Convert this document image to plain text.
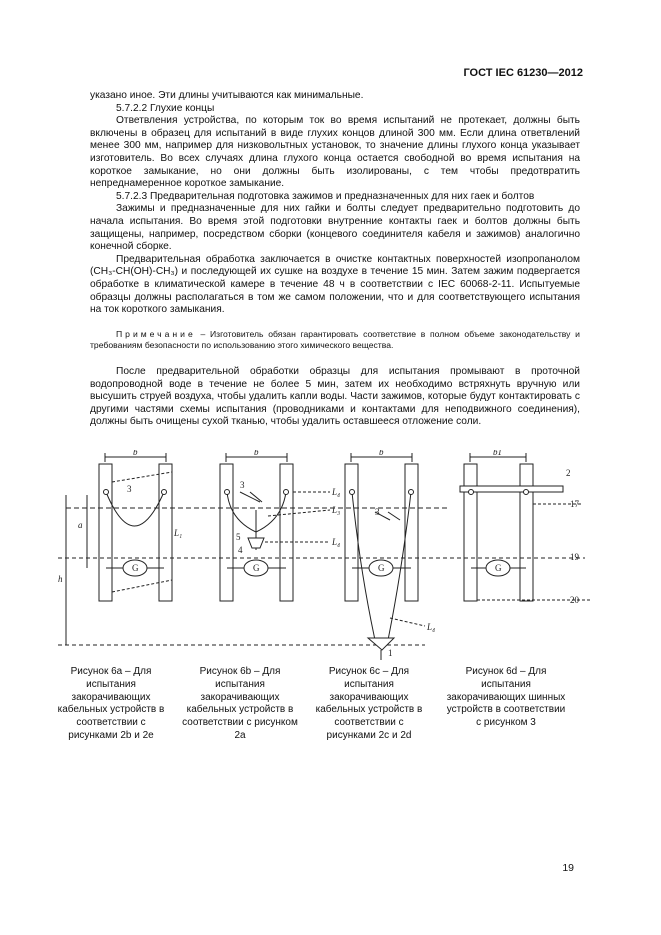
ГОСТ IEC 61230—2012

указано иное. Эти длины учитываются как минимальные.

5.7.2.2 Глухие концы

Ответвления устройства, по которым ток во время испытаний не протекает, должны быть включены в образец для испытаний в виде глухих концов длиной 300 мм. Если длина ответвлений менее 300 мм, например для низковольтных установок, то значение длины глухого конца указывает изготовитель. Во всех случаях длина глухого конца остается свободной во время испытания на короткое замыкание, но они должны быть изолированы, с тем чтобы предотвратить непреднамеренное короткое замыкание.

5.7.2.3 Предварительная подготовка зажимов и предназначенных для них гаек и болтов

Зажимы и предназначенные для них гайки и болты следует предварительно подготовить до начала испытания. Во время этой подготовки внутренние контакты гаек и болтов должны быть защищены, например, посредством сборки (концевого соединителя кабеля и зажимов) аналогично конечной сборке.

Предварительная обработка заключается в очистке контактных поверхностей изопропанолом (CH₃-CH(OH)-CH₃) и последующей их сушке на воздухе в течение 15 мин. Затем зажим подвергается обработке в климатической камере в течение 48 ч в соответствии с IEC 60068-2-11. Испытуемые образцы должны располагаться в том же самом положении, что и для соответствующего испытания на ток короткого замыкания.

Примечание – Изготовитель обязан гарантировать соответствие в полном объеме законодательству и требованиям безопасности по использованию этого химического вещества.

После предварительной обработки образцы для испытания промывают в проточной водопроводной воде в течение не более 5 мин, затем их необходимо встряхнуть вручную или высушить струей воздуха, чтобы удалить капли воды. Части зажимов, которые будут контактировать с другими частями схемы испытания (проводниками и контактами для неподвижного соединения), должны быть очищены сухой тканью, чтобы удалить оставшееся отложение соли.

G	G	G	G
b	b	b	b1
a
h
3
L₁
3
5
4
L₄
L₃
L₄
3
L₄
1
2
17
19
20
Рисунок 6a – Для испытания закорачивающих кабельных устройств в соответствии с рисунками 2b и 2e
Рисунок 6b – Для испытания закорачивающих кабельных устройств в соответствии с рисунком 2a
Рисунок 6c – Для испытания закорачивающих кабельных устройств в соответствии с рисунками 2c и 2d
Рисунок 6d – Для испытания закорачивающих шинных устройств в соответствии с рисунком 3
19
